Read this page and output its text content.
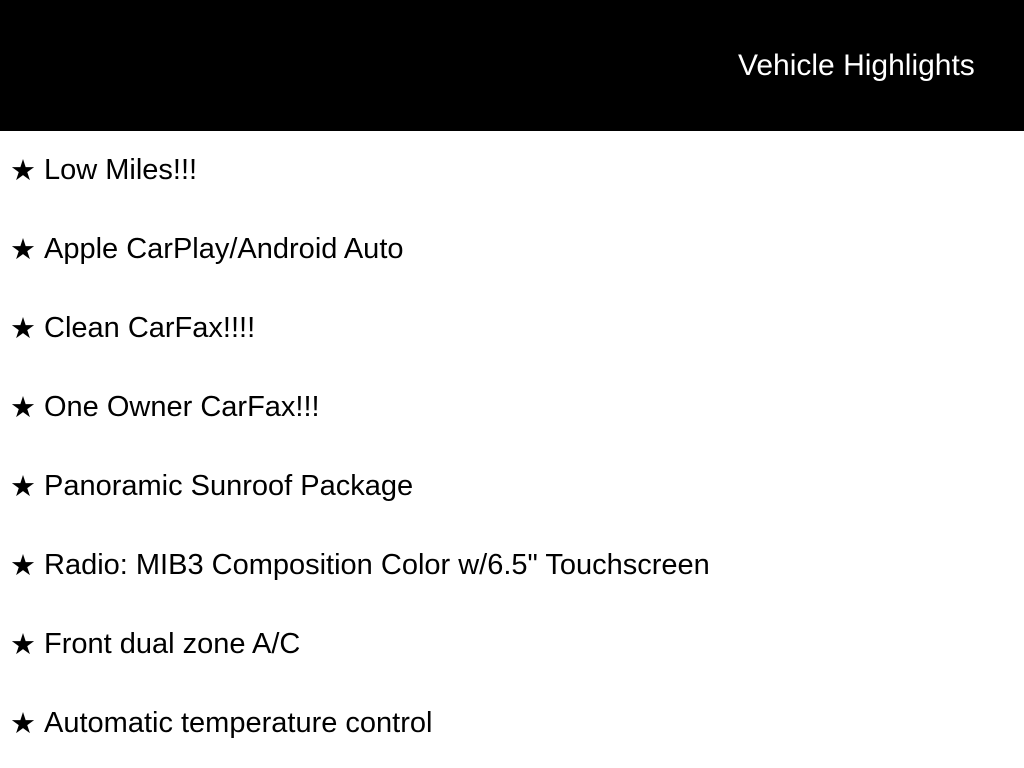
Vehicle Highlights
★ Low Miles!!!
★ Apple CarPlay/Android Auto
★ Clean CarFax!!!!
★ One Owner CarFax!!!
★ Panoramic Sunroof Package
★ Radio: MIB3 Composition Color w/6.5" Touchscreen
★ Front dual zone A/C
★ Automatic temperature control
